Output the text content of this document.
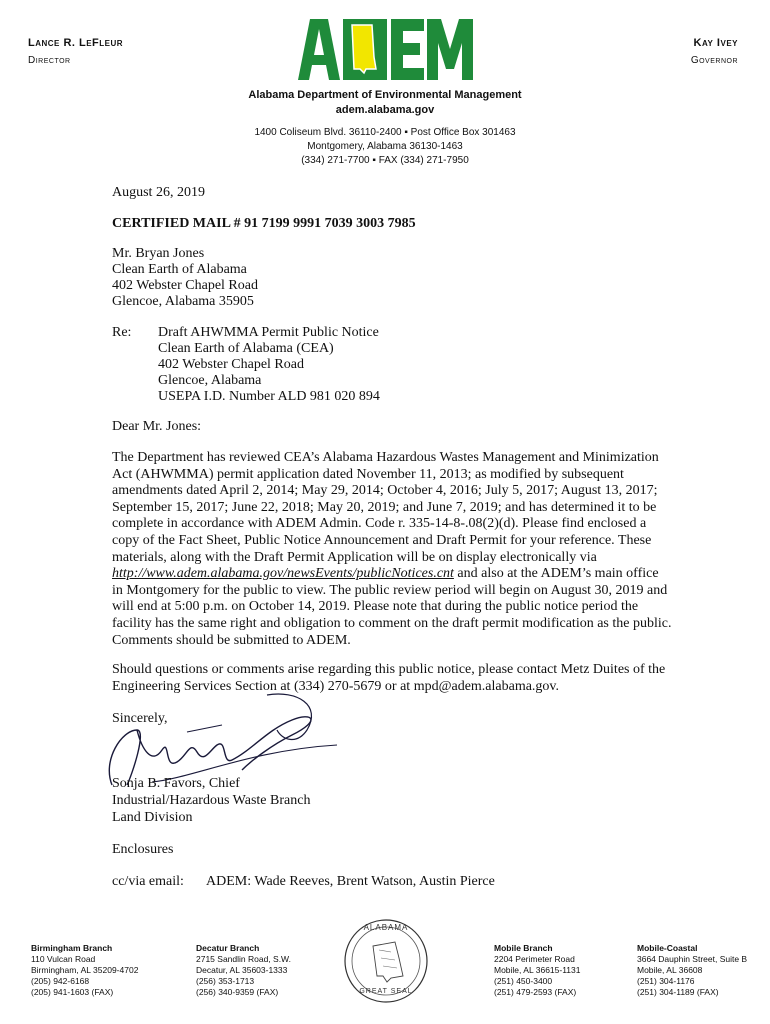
Lance R. LeFleur
Director
Kay Ivey
Governor
Alabama Department of Environmental Management
adem.alabama.gov
1400 Coliseum Blvd. 36110-2400 ▪ Post Office Box 301463
Montgomery, Alabama 36130-1463
(334) 271-7700 ▪ FAX (334) 271-7950
August 26, 2019
CERTIFIED MAIL # 91 7199 9991 7039 3003 7985
Mr. Bryan Jones
Clean Earth of Alabama
402 Webster Chapel Road
Glencoe, Alabama 35905
Re: Draft AHWMMA Permit Public Notice
Clean Earth of Alabama (CEA)
402 Webster Chapel Road
Glencoe, Alabama
USEPA I.D. Number ALD 981 020 894
Dear Mr. Jones:
The Department has reviewed CEA’s Alabama Hazardous Wastes Management and Minimization
Act (AHWMMA) permit application dated November 11, 2013; as modified by subsequent
amendments dated April 2, 2014; May 29, 2014; October 4, 2016; July 5, 2017; August 13, 2017;
September 15, 2017; June 22, 2018; May 20, 2019; and June 7, 2019; and has determined it to be
complete in accordance with ADEM Admin. Code r. 335-14-8-.08(2)(d). Please find enclosed a
copy of the Fact Sheet, Public Notice Announcement and Draft Permit for your reference. These
materials, along with the Draft Permit Application will be on display electronically via
http://www.adem.alabama.gov/newsEvents/publicNotices.cnt and also at the ADEM’s main office
in Montgomery for the public to view. The public review period will begin on August 30, 2019 and
will end at 5:00 p.m. on October 14, 2019. Please note that during the public notice period the
facility has the same right and obligation to comment on the draft permit modification as the public.
Comments should be submitted to ADEM.
Should questions or comments arise regarding this public notice, please contact Metz Duites of the
Engineering Services Section at (334) 270-5679 or at mpd@adem.alabama.gov.
Sincerely,
Sonja B. Favors, Chief
Industrial/Hazardous Waste Branch
Land Division
Enclosures
cc/via email: ADEM: Wade Reeves, Brent Watson, Austin Pierce
Birmingham Branch
110 Vulcan Road
Birmingham, AL 35209-4702
(205) 942-6168
(205) 941-1603 (FAX)
Decatur Branch
2715 Sandlin Road, S.W.
Decatur, AL 35603-1333
(256) 353-1713
(256) 340-9359 (FAX)
ALABAMA
GREAT SEAL
Mobile Branch
2204 Perimeter Road
Mobile, AL 36615-1131
(251) 450-3400
(251) 479-2593 (FAX)
Mobile-Coastal
3664 Dauphin Street, Suite B
Mobile, AL 36608
(251) 304-1176
(251) 304-1189 (FAX)
